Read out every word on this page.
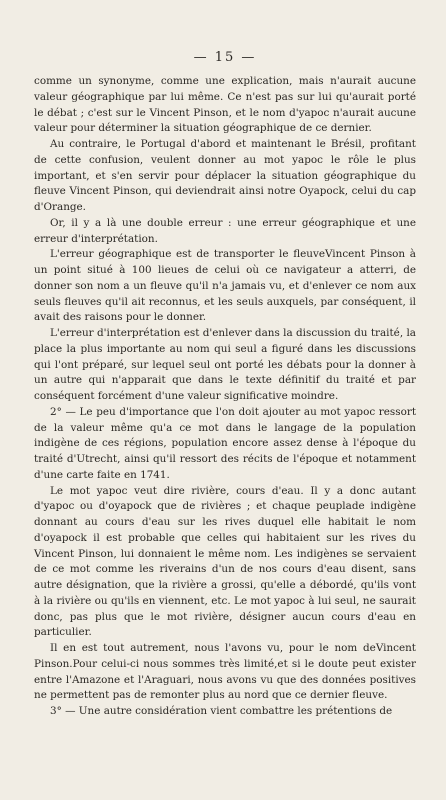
— 15 —

comme un synonyme, comme une explication, mais n'aurait aucune valeur géographique par lui même. Ce n'est pas sur lui qu'aurait porté le débat ; c'est sur le Vincent Pinson, et le nom d'yapoc n'aurait aucune valeur pour déterminer la situation géographique de ce dernier.

Au contraire, le Portugal d'abord et maintenant le Brésil, profitant de cette confusion, veulent donner au mot yapoc le rôle le plus important, et s'en servir pour déplacer la situation géographique du fleuve Vincent Pinson, qui deviendrait ainsi notre Oyapock, celui du cap d'Orange.

Or, il y a là une double erreur : une erreur géographique et une erreur d'interprétation.

L'erreur géographique est de transporter le fleuveVincent Pinson à un point situé à 100 lieues de celui où ce navigateur a atterri, de donner son nom a un fleuve qu'il n'a jamais vu, et d'enlever ce nom aux seuls fleuves qu'il ait reconnus, et les seuls auxquels, par conséquent, il avait des raisons pour le donner.

L'erreur d'interprétation est d'enlever dans la discussion du traité, la place la plus importante au nom qui seul a figuré dans les discussions qui l'ont préparé, sur lequel seul ont porté les débats pour la donner à un autre qui n'apparait que dans le texte définitif du traité et par conséquent forcément d'une valeur significative moindre.

2° — Le peu d'importance que l'on doit ajouter au mot yapoc ressort de la valeur même qu'a ce mot dans le langage de la population indigène de ces régions, population encore assez dense à l'époque du traité d'Utrecht, ainsi qu'il ressort des récits de l'époque et notamment d'une carte faite en 1741.

Le mot yapoc veut dire rivière, cours d'eau. Il y a donc autant d'yapoc ou d'oyapock que de rivières ; et chaque peuplade indigène donnant au cours d'eau sur les rives duquel elle habitait le nom d'oyapock il est probable que celles qui habitaient sur les rives du Vincent Pinson, lui donnaient le même nom. Les indigènes se servaient de ce mot comme les riverains d'un de nos cours d'eau disent, sans autre désignation, que la rivière a grossi, qu'elle a débordé, qu'ils vont à la rivière ou qu'ils en viennent, etc. Le mot yapoc à lui seul, ne saurait donc, pas plus que le mot rivière, désigner aucun cours d'eau en particulier.

Il en est tout autrement, nous l'avons vu, pour le nom deVincent Pinson.Pour celui-ci nous sommes très limité,et si le doute peut exister entre l'Amazone et l'Araguari, nous avons vu que des données positives ne permettent pas de remonter plus au nord que ce dernier fleuve.

3° — Une autre considération vient combattre les prétentions de
